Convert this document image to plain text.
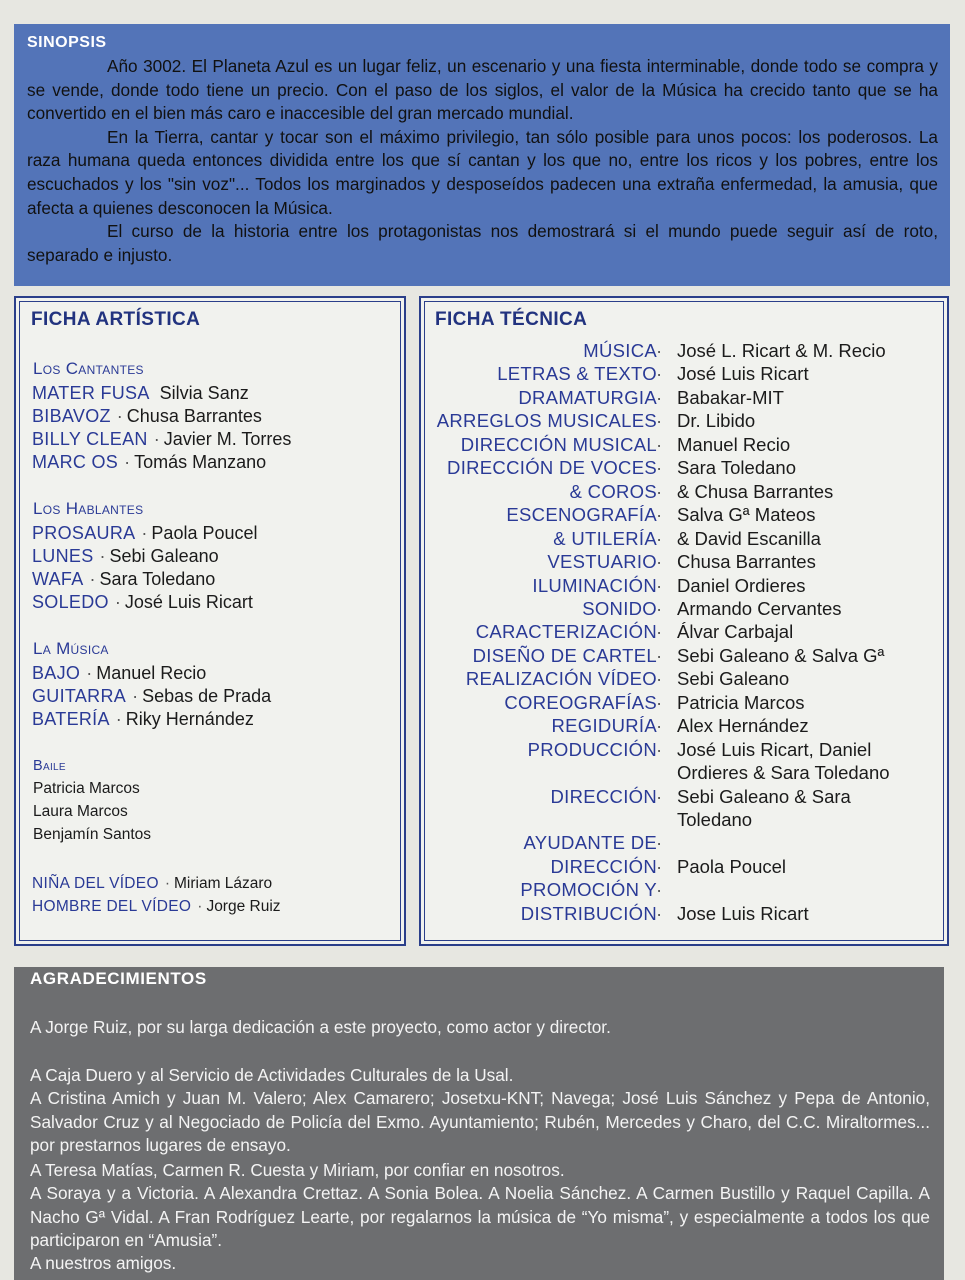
SINOPSIS

Año 3002. El Planeta Azul es un lugar feliz, un escenario y una fiesta interminable, donde todo se compra y se vende, donde todo tiene un precio. Con el paso de los siglos, el valor de la Música ha crecido tanto que se ha convertido en el bien más caro e inaccesible del gran mercado mundial.

En la Tierra, cantar y tocar son el máximo privilegio, tan sólo posible para unos pocos: los poderosos. La raza humana queda entonces dividida entre los que sí cantan y los que no, entre los ricos y los pobres, entre los escuchados y los "sin voz"... Todos los marginados y desposeídos padecen una extraña enfermedad, la amusia, que afecta a quienes desconocen la Música.

El curso de la historia entre los protagonistas nos demostrará si el mundo puede seguir así de roto, separado e injusto.

FICHA ARTÍSTICA
Los Cantantes
MATER FUSA Silvia Sanz
BIBAVOZ · Chusa Barrantes
BILLY CLEAN · Javier M. Torres
MARC OS · Tomás Manzano
Los Hablantes
PROSAURA · Paola Poucel
LUNES · Sebi Galeano
WAFA · Sara Toledano
SOLEDO · José Luis Ricart
La Música
BAJO · Manuel Recio
GUITARRA · Sebas de Prada
BATERÍA · Riky Hernández
Baile
Patricia Marcos
Laura Marcos
Benjamín Santos
NIÑA DEL VÍDEO · Miriam Lázaro
HOMBRE DEL VÍDEO · Jorge Ruiz
FICHA TÉCNICA
MÚSICA · José L. Ricart & M. Recio
LETRAS & TEXTO · José Luis Ricart
DRAMATURGIA · Babakar-MIT
ARREGLOS MUSICALES · Dr. Libido
DIRECCIÓN MUSICAL · Manuel Recio
DIRECCIÓN DE VOCES · Sara Toledano
& COROS · & Chusa Barrantes
ESCENOGRAFÍA · Salva Gª Mateos
& UTILERÍA · & David Escanilla
VESTUARIO · Chusa Barrantes
ILUMINACIÓN · Daniel Ordieres
SONIDO · Armando Cervantes
CARACTERIZACIÓN · Álvar Carbajal
DISEÑO DE CARTEL · Sebi Galeano & Salva Gª
REALIZACIÓN VÍDEO · Sebi Galeano
COREOGRAFÍAS · Patricia Marcos
REGIDURÍA · Alex Hernández
PRODUCCIÓN · José Luis Ricart, Daniel
Ordieres & Sara Toledano
DIRECCIÓN · Sebi Galeano & Sara
Toledano
AYUDANTE DE ·
DIRECCIÓN · Paola Poucel
PROMOCIÓN Y ·
DISTRIBUCIÓN · Jose Luis Ricart
AGRADECIMIENTOS
A Jorge Ruiz, por su larga dedicación a este proyecto, como actor y director.
A Caja Duero y al Servicio de Actividades Culturales de la Usal.
A Cristina Amich y Juan M. Valero; Alex Camarero; Josetxu-KNT; Navega; José Luis Sánchez y Pepa de Antonio, Salvador Cruz y al Negociado de Policía del Exmo. Ayuntamiento; Rubén, Mercedes y Charo, del C.C. Miraltormes... por prestarnos lugares de ensayo.
A Teresa Matías, Carmen R. Cuesta y Miriam, por confiar en nosotros.
A Soraya y a Victoria. A Alexandra Crettaz. A Sonia Bolea. A Noelia Sánchez. A Carmen Bustillo y Raquel Capilla. A Nacho Gª Vidal. A Fran Rodríguez Learte, por regalarnos la música de “Yo misma”, y especialmente a todos los que participaron en “Amusia”.
A nuestros amigos.
